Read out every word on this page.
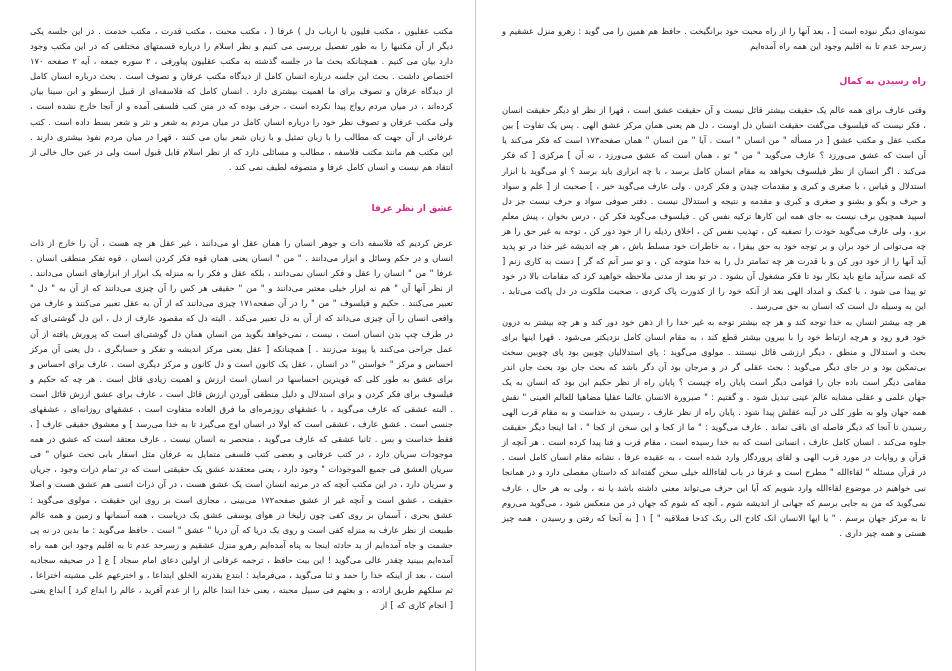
مکتب عقلیون ، مکتب فلیون یا ارباب دل ) عرفا ( ، مکتب محبت ، مکتب قدرت ، مکتب خدمت . در این جلسه یکی دیگر از آن مکتبها را به طور تفصیل بررسی می کنیم و نظر اسلام را درباره قسمتهای مختلفی که در این مکتب وجود دارد بیان می کنیم . همچنانکه بحث ما در جلسه گذشته به مکتب عقلیون پیاورفی ، ۲ سوره جمعه ، آیه ۲ صفحه ۱۷۰ اختصاص داشت . بحث این جلسه درباره انسان کامل از دیدگاه مکتب عرفان و تصوف است . بحث درباره انسان کامل از دیدگاه عرفان و تصوف برای ما اهمیت بیشتری دارد . انسان کامل که فلاسفه‌ای از قبیل ارسطو و ابن سینا بیان کرده‌اند ، در میان مردم رواج پیدا نکرده است ، حرفی بوده که در متن کتب فلسفی آمده و از آنجا خارج نشده است ، ولی مکتب عرفان و تصوف نظر خود را درباره انسان کامل در میان مردم به شعر و نثر و شعر بسط داده است . کتب عرفانی از آن جهت که مطالب را با زبان تمثیل و با زبان شعر بیان می کنند ، قهرا در میان مردم نفوذ بیشتری دارند . این مکتب هم مانند مکتب فلاسفه ، مطالب و مسائلی دارد که از نظر اسلام قابل قبول است ولی در عین حال خالی از انتقاد هم نیست و انسان کامل عرفا و متصوفه لطیف نمی کند .

عشق از نظر عرفا

عرض کردیم که فلاسفه ذات و جوهر انسان را همان عقل او می‌دانند ، غیر عقل هر چه هست ، آن را خارج از ذات انسان و در حکم وسائل و ابزار می‌دانند . " من " انسان یعنی همان قوه فکر کردن انسان ، قوه تفکر منطقی انسان . عرفا " من " انسان را عقل و فکر انسان نمی‌دانند ، بلکه عقل و فکر را به منزله یک ابزار از ابزارهای انسان می‌دانند . از نظر آنها آن " هم نه ابزار خیلی معتبر می‌دانند و " من " حقیقی هر کس را آن چیزی می‌دانند که از آن به " دل " تعبیر می‌کنند . حکیم و فیلسوف " من " را در آن صفحه۱۷۱ چیزی می‌دانند که از آن به عقل تعبیر می‌کنند و عارف من واقعی انسان را آن چیزی می‌داند که از آن به دل تعبیر می‌کند . البته دل که مقصود عارف از دل ، این دل گوشتی‌ای که در طرف چپ بدن انسان است ، نیست ، نمی‌خواهد بگوید من انسان همان دل گوشتی‌ای است که پرورش یافته از آن عمل جراحی می‌کنند یا پیوند می‌زنند . ] همچنانکه [ عقل یعنی مرکز اندیشه و تفکر و حسابگری ، دل یعنی آن مرکز احساس و مرکز " خواستن " در انسان ، عقل یک کانون است و دل کانون و مرکز دیگری است . عارف برای احساس و برای عشق به طور کلی که قویترین احساسها در انسان است ارزش و اهمیت زیادی قائل است . هر چه که حکیم و فیلسوف برای فکر کردن و برای استدلال و دلیل منطقی آوردن ارزش قائل است ، عارف برای عشق ارزش قائل است . البته عشقی که عارف می‌گوید ، با عشقهای روزمره‌ای ما فرق العاده متفاوت است ، عشقهای روزانه‌ای ، عشقهای جنسی است . عشق عارف ، عشقی است که اولا در انسان اوج می‌گیرد تا به خدا می‌رسد ] و معشوق حقیقی عارف [ ، فقط خداست و بس . ثانیا عشقی که عارف می‌گوید ، منحصر به انسان نیست ، عارف معتقد است که عشق در همه موجودات سریان دارد ، در کتب عرفانی و بعضی کتب فلسفی متمایل به عرفان مثل اسفار بابی تحت عنوان " فی سریان العشق فی جمیع الموجودات " وجود دارد ، یعنی معتقدند عشق یک حقیقتی است که در تمام ذرات وجود ، جریان و سریان دارد ، در این مکتب آنچه که در مرتبه انسان است یک عشق هست ، در آن ذرات انسی هم عشق هست و اصلا حقیقت ، عشق است و آنچه غیر از عشق صفحه۱۷۲ می‌بینی ، مجازی است بر روی این حقیقت ، مولوی می‌گوید : عشق بحری ، آسمان بر روی کفی چون زلیخا در هوای یوسفی عشق یک دریاست ، همه آسمانها و زمین و همه عالم طبیعت از نظر عارف به منزله کفی است و روی یک دریا که آن دریا " عشق " است . حافظ می‌گوید : ما بدین در نه پی حشمت و جاه آمده‌ایم از بد حادثه اینجا به پناه آمده‌ایم رهرو منزل عشقیم و زسرحد عدم تا به اقلیم وجود این همه راه آمده‌ایم ببینید چقدر عالی می‌گوید ! این بیت حافظ ، ترجمه عرفانی از اولین دعای امام سجاد ] ع [ در صحیفه سجادیه است ، بعد از اینکه خدا را حمد و ثنا می‌گوید ، می‌فرماید : ابتدع بقدرته الخلق ابتداعا ، و اخترعهم علی مشیته اختراعا ، ثم سلکهم طریق ارادته ، و بعثهم فی سبیل محبته ، یعنی خدا ابتدا عالم را از عدم آفرید ، عالم را ابداع کرد ] ابداع یعنی [ انجام کاری که ] از

نمونه‌ای دیگر نبوده است [ ، بعد آنها را از راه محبت خود برانگیخت . حافظ هم همین را می گوید : رهرو منزل عشقیم و زسرحد عدم تا به اقلیم وجود این همه راه آمده‌ایم

راه رسیدن به کمال

وقتی عارف برای همه عالم یک حقیقت بیشتر قائل نیست و آن حقیقت عشق است ، قهرا از نظر او دیگر حقیقت انسان ، فکر نیست که فیلسوف می‌گفت حقیقت انسان دل اوست ، دل هم یعنی همان مرکز عشق الهی . پس یک تفاوت ] بین مکتب عقل و مکتب عشق [ در مسأله " من انسان " است . آیا " من انسان " همان صفحه۱۷۳ است که فکر می‌کند یا آن است که عشق می‌ورزد ؟ عارف می‌گوید " من " تو ، همان است که عشق می‌ورزد ، نه آن ] مرکزی [ که فکر می‌کند . اگر انسان از نظر فیلسوف بخواهد به مقام انسان کامل برسد ، با چه ابزاری باید برسد ؟ او می‌گوید با ابزار استدلال و قیاس ، با صغری و کبری و مقدمات چیدن و فکر کردن . ولی عارف می‌گوید خیر ، ] صحبت از [ علم و سواد و حرف و بگو و بشنو و صغری و کبری و مقدمه و نتیجه و استدلال نیست . دفتر صوفی سواد و حرف نیست جز دل اسپید همچون برف نیست به جای همه این کارها ترکیه نفس کن . فیلسوف می‌گوید فکر کن ، درس بخوان ، پیش معلم برو ، ولی عارف می‌گوید خودت را تصفیه کن ، تهذیب نفس کن ، اخلاق رذیله را از خود دور کن ، توجه به غیر حق را هر چه می‌توانی از خود بران و بر توجه خود به حق بیفزا ، به خاطرات خود مسلط باش ، هر چه اندیشه غیر خدا در تو پدید آید آنها را از خود دور کن و با قدرت هر چه تمامتر دل را به خدا متوجه کن ، و تو سر آنم که گر ] دست به کاری زنم [ که غصه سرآید مانع باید بکار بود تا فکر مشغول آن بشود . در تو بعد از مدتی ملاحظه خواهید کرد که مقامات بالا در خود تو پیدا می شود ، با کمک و امداد الهی بعد از آنکه خود را از کدورت پاک کردی ، صحبت ملکوت در دل پاکت می‌تابد ، این به وسیله دل است که انسان به حق می‌رسد .

هر چه بیشتر انسان به خدا توجه کند و هر چه بیشتر توجه به غیر خدا را از ذهن خود دور کند و هر چه بیشتر به درون خود فرو رود و هرچه ارتباط خود را با بیرون بیشتر قطع کند ، به مقام انسان کامل نزدیکتر می‌شود . قهرا اینها برای بحث و استدلال و منطق ، دیگر ارزشی قائل نیستند . مولوی می‌گوید : پای استدلالیان چوبین بود پای چوبین سخت بی‌تمکین بود و در جای دیگر می‌گوید : بحث عقلی گر در و مرجان بود آن دگر باشد که بحث جان بود بحث جان اندر مقامی دیگر است باده جان را قوامی دیگر است پایان راه چیست ؟ پایان راه از نظر حکیم این بود که انسان به یک جهان علمی و عقلی مشابه عالم عینی تبدیل شود . و گفتیم : " صیرورة الانسان عالما عقلیا مضاهیا للعالم العینی " نقش همه جهان ولو به طور کلی در آینه عقلش پیدا شود . پایان راه از نظر عارف ، رسیدن به خداست و به مقام قرب الهی رسیدن تا آنجا که دیگر فاصله ای باقی نماند . عارف می‌گوید : " ما از کجا و این سخن از کجا " ، اما اینجا دیگر حقیقت جلوه می‌کند . انسان کامل عارف ، انسانی است که به خدا رسیده است ، مقام قرب و فنا پیدا کرده است . هر آنچه از قرآن و روایات در مورد قرب الهی و لقای پروردگار وارد شده است ، به عقیده عرفا ، نشانه مقام انسان کامل است . در قرآن مسئله " لقاءالله " مطرح است و عرفا در باب لقاءالله خیلی سخن گفته‌اند که داستان مفصلی دارد و در همانجا نبی خواهیم در موضوع لقاءالله وارد شویم که آیا این حرف می‌تواند معنی داشته باشد یا نه ، ولی به هر حال ، عارف نمی‌گوید که من به جایی برسم که جهانی از اندیشه شوم ، آنچه که شوم که جهان در من منعکس شود ، می‌گوید می‌روم تا به مرکز جهان برسم . " یا ایها الانسان انک کادح الی ربک کدحا فملاقیه " ] ۱ [ به آنجا که رفتن و رسیدن ، همه چیز هستی و همه چیز داری .
